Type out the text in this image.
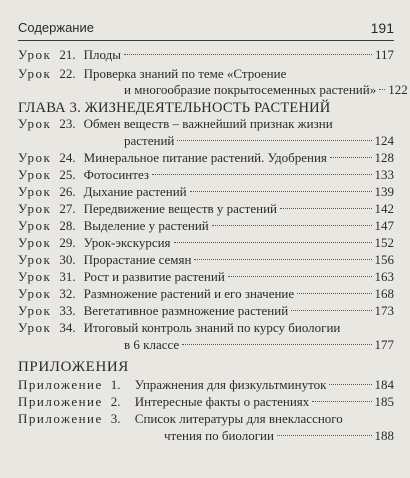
Содержание	191
Урок 21. Плоды	117
Урок 22. Проверка знаний по теме «Строение
и многообразие покрытосеменных растений» 122
ГЛАВА 3. ЖИЗНЕДЕЯТЕЛЬНОСТЬ РАСТЕНИЙ
Урок 23. Обмен веществ – важнейший признак жизни
растений	124
Урок 24. Минеральное питание растений. Удобрения	128
Урок 25. Фотосинтез	133
Урок 26. Дыхание растений	139
Урок 27. Передвижение веществ у растений	142
Урок 28. Выделение у растений	147
Урок 29. Урок-экскурсия	152
Урок 30. Прорастание семян	156
Урок 31. Рост и развитие растений	163
Урок 32. Размножение растений и его значение	168
Урок 33. Вегетативное размножение растений	173
Урок 34. Итоговый контроль знаний по курсу биологии
в 6 классе	177
ПРИЛОЖЕНИЯ
Приложение 1.	Упражнения для физкультминуток	184
Приложение 2.	Интересные факты о растениях	185
Приложение 3.	Список литературы для внеклассного
чтения по биологии	188
